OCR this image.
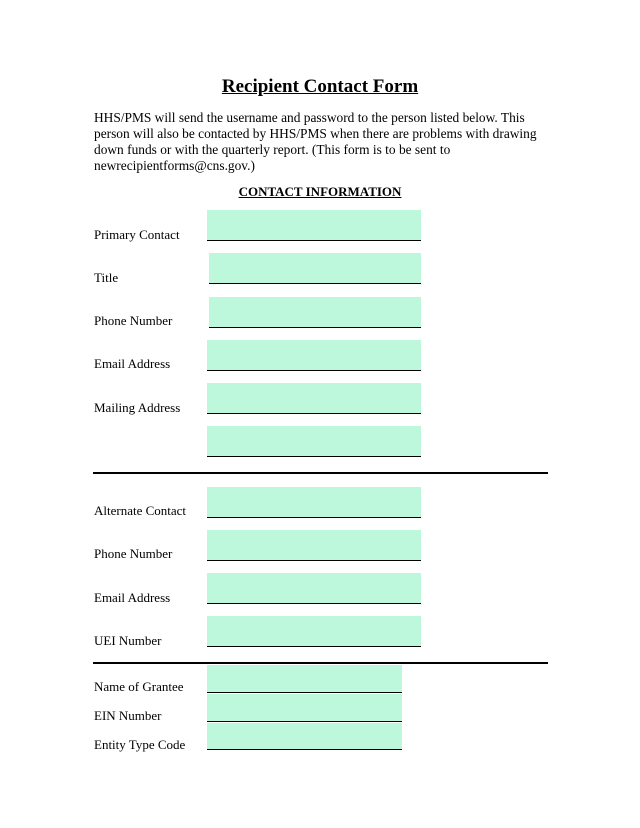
Recipient Contact Form
HHS/PMS will send the username and password to the person listed below. This person will also be contacted by HHS/PMS when there are problems with drawing down funds or with the quarterly report. (This form is to be sent to newrecipientforms@cns.gov.)
CONTACT INFORMATION
Primary Contact
Title
Phone Number
Email Address
Mailing Address
Alternate Contact
Phone Number
Email Address
UEI Number
Name of Grantee
EIN Number
Entity Type Code
